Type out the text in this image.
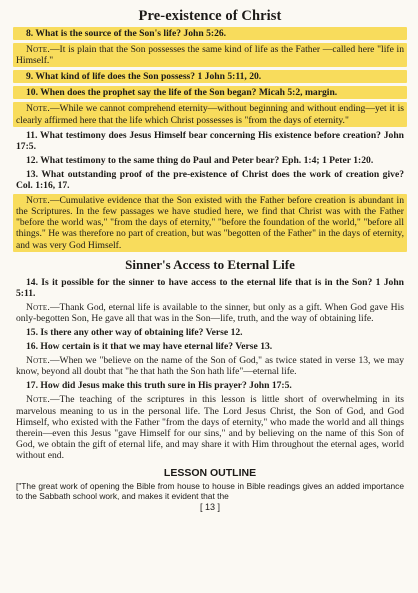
Pre-existence of Christ
8. What is the source of the Son's life? John 5:26.
Note.—It is plain that the Son possesses the same kind of life as the Father —called here "life in Himself."
9. What kind of life does the Son possess? 1 John 5:11, 20.
10. When does the prophet say the life of the Son began? Micah 5:2, margin.
Note.—While we cannot comprehend eternity—without beginning and without ending—yet it is clearly affirmed here that the life which Christ possesses is "from the days of eternity."
11. What testimony does Jesus Himself bear concerning His existence before creation? John 17:5.
12. What testimony to the same thing do Paul and Peter bear? Eph. 1:4; 1 Peter 1:20.
13. What outstanding proof of the pre-existence of Christ does the work of creation give? Col. 1:16, 17.
Note.—Cumulative evidence that the Son existed with the Father before creation is abundant in the Scriptures. In the few passages we have studied here, we find that Christ was with the Father "before the world was," "from the days of eternity," "before the foundation of the world," "before all things." He was therefore no part of creation, but was "begotten of the Father" in the days of eternity, and was very God Himself.
Sinner's Access to Eternal Life
14. Is it possible for the sinner to have access to the eternal life that is in the Son? 1 John 5:11.
Note.—Thank God, eternal life is available to the sinner, but only as a gift. When God gave His only-begotten Son, He gave all that was in the Son—life, truth, and the way of obtaining life.
15. Is there any other way of obtaining life? Verse 12.
16. How certain is it that we may have eternal life? Verse 13.
Note.—When we "believe on the name of the Son of God," as twice stated in verse 13, we may know, beyond all doubt that "he that hath the Son hath life"—eternal life.
17. How did Jesus make this truth sure in His prayer? John 17:5.
Note.—The teaching of the scriptures in this lesson is little short of overwhelming in its marvelous meaning to us in the personal life. The Lord Jesus Christ, the Son of God, and God Himself, who existed with the Father "from the days of eternity," who made the world and all things therein—even this Jesus "gave Himself for our sins," and by believing on the name of this Son of God, we obtain the gift of eternal life, and may share it with Him throughout the eternal ages, world without end.
LESSON OUTLINE
["The great work of opening the Bible from house to house in Bible readings gives an added importance to the Sabbath school work, and makes it evident that the
[ 13 ]
